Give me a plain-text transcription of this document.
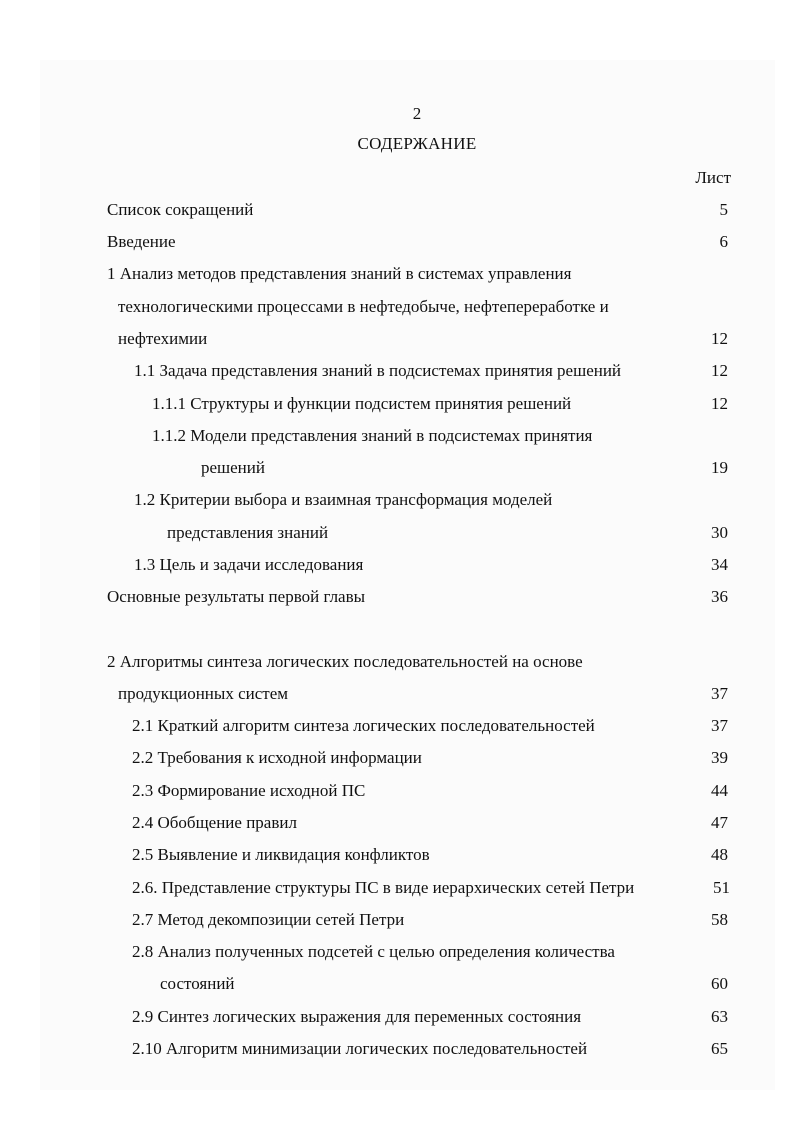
2
СОДЕРЖАНИЕ
Лист
Список сокращений	5
Введение	6
1 Анализ методов представления знаний в системах управления
технологическими процессами в нефтедобыче, нефтепереработке и
нефтехимии	12
1.1 Задача представления знаний в подсистемах принятия решений	12
1.1.1 Структуры и функции подсистем принятия решений	12
1.1.2 Модели представления знаний в подсистемах принятия
решений	19
1.2 Критерии выбора и взаимная трансформация моделей
представления знаний	30
1.3 Цель и задачи исследования	34
Основные результаты первой главы	36
2 Алгоритмы синтеза логических последовательностей на основе
продукционных систем	37
2.1 Краткий алгоритм синтеза логических последовательностей	37
2.2 Требования к исходной информации	39
2.3 Формирование исходной ПС	44
2.4 Обобщение правил	47
2.5 Выявление и ликвидация конфликтов	48
2.6. Представление структуры ПС в виде иерархических сетей Петри	51
2.7 Метод декомпозиции сетей Петри	58
2.8 Анализ полученных подсетей с целью определения количества
состояний	60
2.9 Синтез логических выражения для переменных состояния	63
2.10 Алгоритм минимизации логических последовательностей	65
